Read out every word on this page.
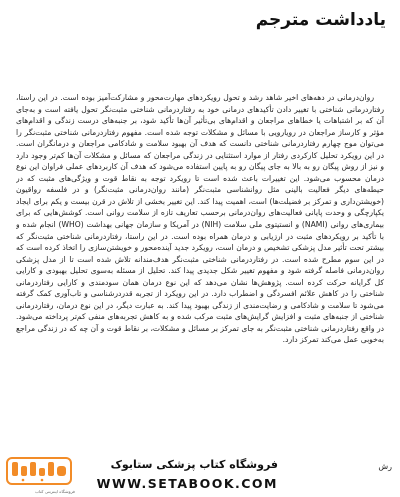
یادداشت مترجم

روان‌درمانی در دهه‌های اخیر شاهد رشد و تحول رویکردهای مهارت‌محور و مشارکت‌آمیز بوده است. در این راستا، رفتاردرمانی شناختی با تغییر دادن تأکیدهای درمانی خود به رفتاردرمانی شناختی مثبت‌نگر تحول یافته است و به‌جای آن که بر اشتباهات یا خطاهای مراجعان و اقدام‌های بی‌تأثیر آن‌ها تأکید شود، بر جنبه‌های درست زندگی و اقدام‌های مؤثر و کارساز مراجعان در رویارویی با مسائل و مشکلات توجه شده است. مفهوم رفتاردرمانی شناختی مثبت‌نگر را می‌توان موج چهارم رفتاردرمانی شناختی دانست که هدف آن بهبود سلامت و شادکامی مراجعان و درمانگران است. در این رویکرد تحلیل کارکردی رفتار از موارد استثنایی در زندگی مراجعان که مسائل و مشکلات آن‌ها کم‌تر وجود دارد و نیز از روش پیگان رو به بالا به جای پیگان رو به پایین استفاده می‌شود که هدف آن کاربردهای عملی فراوان این نوع درمان محسوب می‌شود. این تغییرات باعث شده است تا رویکرد توجه به نقاط قوت و ویژگی‌های مثبت که در حیطه‌های دیگر فعالیت بالینی مثل روانشناسی مثبت‌نگر (مانند روان‌درمانی مثبت‌نگر) و در فلسفه رواقیون (خویشتن‌داری و تمرکز بر فضیلت‌ها) است، اهمیت پیدا کند. این تغییر بخشی از تلاش در قرن بیست و یکم برای ایجاد یکپارچگی و وحدت پایانی فعالیت‌های روان‌درمانی برحسب تعاریف تازه از سلامت روانی است. کوشش‌هایی که برای بیماری‌های روانی (NAMI) و انستیتوی ملی سلامت (NIH) در آمریکا و سازمان جهانی بهداشت (WHO) انجام شده و با تأکید بر رویکردهای مثبت در ارزیابی و درمان همراه بوده است. در این راستا، رفتاردرمانی شناختی مثبت‌نگر که بیشتر تحت تأثیر مدل پزشکی تشخیص و درمان است، رویکرد جدید آینده‌محور و خویشتن‌سازی را اتخاذ کرده است که در این سوم مطرح شده است. در رفتاردرمانی شناختی مثبت‌نگر هدف‌مندانه تلاش شده است تا از مدل پزشکی روان‌درمانی فاصله گرفته شود و مفهوم تغییر شکل جدیدی پیدا کند. تحلیل از مسئله به‌سوی تحلیل بهبودی و کارایی کل گرایانه حرکت کرده است. پژوهش‌ها نشان می‌دهد که این نوع درمان همان سودمندی و کارایی رفتاردرمانی شناختی را در کاهش علائم افسردگی و اضطراب دارد. در این رویکرد از تجربه قدردرشناسی و تاب‌آوری کمک گرفته می‌شود تا سلامت و شادکامی و رضایت‌مندی از زندگی بهبود پیدا کند. به عبارت دیگر، در این نوع درمان، رفتاردرمانی شناختی از جنبه‌های مثبت و افزایش گرایش‌های مثبت مرکب شده و به کاهش تجربه‌های منفی کم‌تر پرداخته می‌شود. در واقع رفتاردرمانی شناختی مثبت‌نگر به جای تمرکز بر مسائل و مشکلات، بر نقاط قوت و آن چه که در زندگی مراجع به‌خوبی عمل می‌کند تمرکز دارد.

فروشگاه اینترنتی کتاب
فروشگاه کتاب پزشکی ستابوک
WWW.SETABOOK.COM
رش
